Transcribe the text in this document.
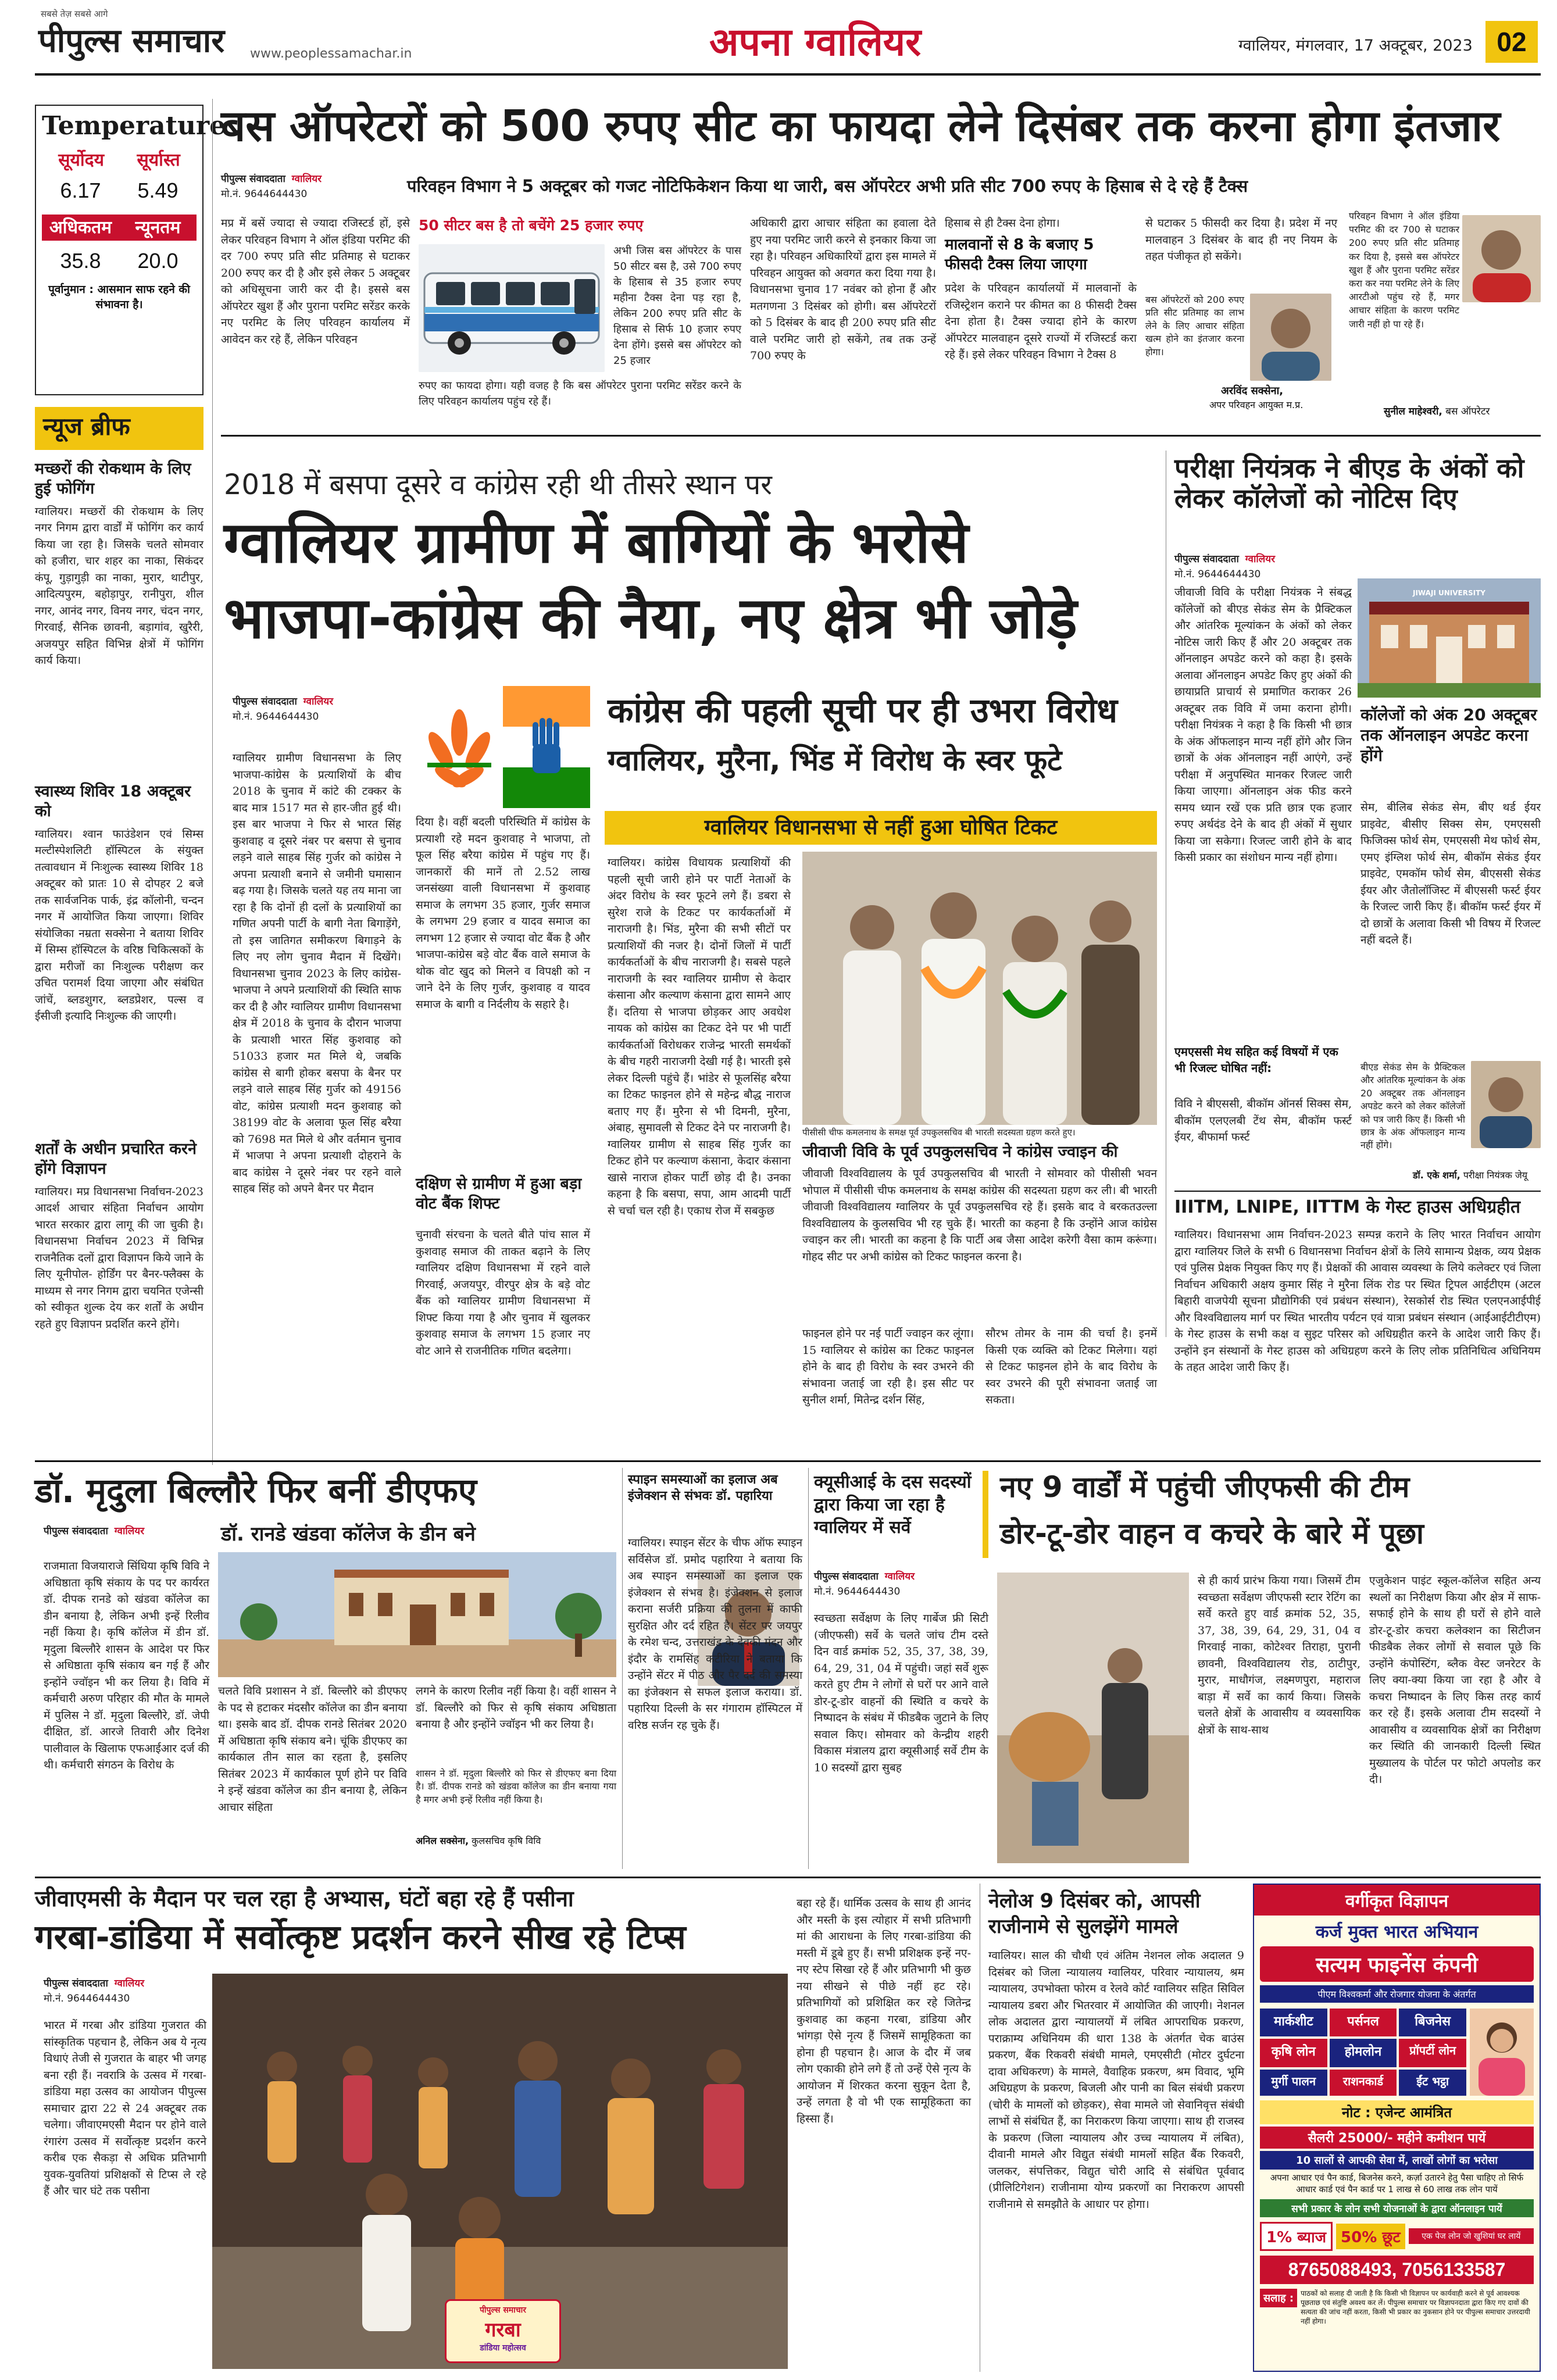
सबसे तेज़ सबसे आगे
पीपुल्स समाचार www.peoplessamachar.in	अपना ग्वालियर	ग्वालियर, मंगलवार, 17 अक्टूबर, 2023 02
Temperature
सूर्योदय सूर्यास्त
6.17 5.49
अधिकतम	न्यूनतम
35.8 20.0
पूर्वानुमान : आसमान साफ रहने की संभावना है।
न्यूज ब्रीफ
मच्छरों की रोकथाम के लिए हुई फोगिंग
ग्वालियर। मच्छरों की रोकथाम के लिए नगर निगम द्वारा वार्डों में फोगिंग कर कार्य किया जा रहा है। जिसके चलते सोमवार को हजीरा, चार शहर का नाका, सिकंदर कंपू, गुड़ागुड़ी का नाका, मुरार, थाटीपुर, आदित्यपुरम, बहोड़ापुर, रानीपुरा, शील नगर, आनंद नगर, विनय नगर, चंदन नगर, गिरवाई, सैनिक छावनी, बड़ागांव, खुरैरी, अजयपुर सहित विभिन्न क्षेत्रों में फोगिंग कार्य किया।
स्वास्थ्य शिविर 18 अक्टूबर को
ग्वालियर। श्वान फाउंडेशन एवं सिम्स मल्टीस्पेशलिटी हॉस्पिटल के संयुक्त तत्वावधान में निःशुल्क स्वास्थ्य शिविर 18 अक्टूबर को प्रातः 10 से दोपहर 2 बजे तक सार्वजनिक पार्क, इंद्र कॉलोनी, चन्दन नगर में आयोजित किया जाएगा। शिविर संयोजिका नम्रता सक्सेना ने बताया शिविर में सिम्स हॉस्पिटल के वरिष्ठ चिकित्सकों के द्वारा मरीजों का निःशुल्क परीक्षण कर उचित परामर्श दिया जाएगा और संबंधित जांचें, ब्लडशुगर, ब्लडप्रेशर, पल्स व ईसीजी इत्यादि निःशुल्क की जाएगी।
शर्तों के अधीन प्रचारित करने होंगे विज्ञापन
ग्वालियर। मप्र विधानसभा निर्वाचन-2023 आदर्श आचार संहिता निर्वाचन आयोग भारत सरकार द्वारा लागू की जा चुकी है। विधानसभा निर्वाचन 2023 में विभिन्न राजनैतिक दलों द्वारा विज्ञापन किये जाने के लिए यूनीपोल- होर्डिंग पर बैनर-फ्लैक्स के माध्यम से नगर निगम द्वारा चयनित एजेन्सी को स्वीकृत शुल्क देय कर शर्तों के अधीन रहते हुए विज्ञापन प्रदर्शित करने होंगे।
बस ऑपरेटरों को 500 रुपए सीट का फायदा लेने दिसंबर तक करना होगा इंतजार
पीपुल्स संवाददाता ग्वालियर
मो.नं. 9644644430	परिवहन विभाग ने 5 अक्टूबर को गजट नोटिफिकेशन किया था जारी, बस ऑपरेटर अभी प्रति सीट 700 रुपए के हिसाब से दे रहे हैं टैक्स
50 सीटर बस है तो बचेंगे 25 हजार रुपए
अभी जिस बस ऑपरेटर के पास 50 सीटर बस है, उसे 700 रुपए के हिसाब से 35 हजार रुपए महीना टैक्स देना पड़ रहा है, लेकिन 200 रुपए प्रति सीट के हिसाब से सिर्फ 10 हजार रुपए देना होंगे। इससे बस ऑपरेटर को 25 हजार
रुपए का फायदा होगा। यही वजह है कि बस ऑपरेटर पुराना परमिट सरेंडर करने के लिए परिवहन कार्यालय पहुंच रहे हैं।
मप्र में बसें ज्यादा से ज्यादा रजिस्टर्ड हों, इसे लेकर परिवहन विभाग ने ऑल इंडिया परमिट की दर 700 रुपए प्रति सीट प्रतिमाह से घटाकर 200 रुपए कर दी है और इसे लेकर 5 अक्टूबर को अधिसूचना जारी कर दी है। इससे बस ऑपरेटर खुश हैं और पुराना परमिट सरेंडर करके नए परमिट के लिए परिवहन कार्यालय में आवेदन कर रहे हैं, लेकिन परिवहन
अधिकारी द्वारा आचार संहिता का हवाला देते हुए नया परमिट जारी करने से इनकार किया जा रहा है। परिवहन अधिकारियों द्वारा इस मामले में परिवहन आयुक्त को अवगत करा दिया गया है। विधानसभा चुनाव 17 नवंबर को होना हैं और मतगणना 3 दिसंबर को होगी। बस ऑपरेटरों को 5 दिसंबर के बाद ही 200 रुपए प्रति सीट वाले परमिट जारी हो सकेंगे, तब तक उन्हें 700 रुपए के
हिसाब से ही टैक्स देना होगा।
मालवानों से 8 के बजाए 5 फीसदी टैक्स लिया जाएगा
प्रदेश के परिवहन कार्यालयों में मालवानों के रजिस्ट्रेशन कराने पर कीमत का 8 फीसदी टैक्स देना होता है। टैक्स ज्यादा होने के कारण ऑपरेटर मालवाहन दूसरे राज्यों में रजिस्टर्ड करा रहे हैं। इसे लेकर परिवहन विभाग ने टैक्स 8
से घटाकर 5 फीसदी कर दिया है। प्रदेश में नए मालवाहन 3 दिसंबर के बाद ही नए नियम के तहत पंजीकृत हो सकेंगे।
बस ऑपरेटरों को 200 रुपए प्रति सीट प्रतिमाह का लाभ लेने के लिए आचार संहिता खत्म होने का इंतजार करना होगा।
अरविंद सक्सेना,
अपर परिवहन आयुक्त म.प्र.
परिवहन विभाग ने ऑल इंडिया परमिट की दर 700 से घटाकर 200 रुपए प्रति सीट प्रतिमाह कर दिया है, इससे बस ऑपरेटर खुश हैं और पुराना परमिट सरेंडर करा कर नया परमिट लेने के लिए आरटीओ पहुंच रहे हैं, मगर आचार संहिता के कारण परमिट जारी नहीं हो पा रहे हैं।
सुनील माहेश्वरी, बस ऑपरेटर
2018 में बसपा दूसरे व कांग्रेस रही थी तीसरे स्थान पर
ग्वालियर ग्रामीण में बागियों के भरोसे
भाजपा-कांग्रेस की नैया, नए क्षेत्र भी जोड़े
पीपुल्स संवाददाता ग्वालियर
मो.नं. 9644644430
ग्वालियर ग्रामीण विधानसभा के लिए भाजपा-कांग्रेस के प्रत्याशियों के बीच 2018 के चुनाव में कांटे की टक्कर के बाद मात्र 1517 मत से हार-जीत हुई थी। इस बार भाजपा ने फिर से भारत सिंह कुशवाह व दूसरे नंबर पर बसपा से चुनाव लड़ने वाले साहब सिंह गुर्जर को कांग्रेस ने अपना प्रत्याशी बनाने से जमीनी घमासान बढ़ गया है। जिसके चलते यह तय माना जा रहा है कि दोनों ही दलों के प्रत्याशियों का गणित अपनी पार्टी के बागी नेता बिगाड़ेंगे, तो इस जातिगत समीकरण बिगाड़ने के लिए नए लोग चुनाव मैदान में दिखेंगे। विधानसभा चुनाव 2023 के लिए कांग्रेस-भाजपा ने अपने प्रत्याशियों की स्थिति साफ कर दी है और ग्वालियर ग्रामीण विधानसभा क्षेत्र में 2018 के चुनाव के दौरान भाजपा के प्रत्याशी भारत सिंह कुशवाह को 51033 हजार मत मिले थे, जबकि कांग्रेस से बागी होकर बसपा के बैनर पर लड़ने वाले साहब सिंह गुर्जर को 49156 वोट, कांग्रेस प्रत्याशी मदन कुशवाह को 38199 वोट के अलावा फूल सिंह बरैया को 7698 मत मिले थे और वर्तमान चुनाव में भाजपा ने अपना प्रत्याशी दोहराने के बाद कांग्रेस ने दूसरे नंबर पर रहने वाले साहब सिंह को अपने बैनर पर मैदान
दिया है। वहीं बदली परिस्थिति में कांग्रेस के प्रत्याशी रहे मदन कुशवाह ने भाजपा, तो फूल सिंह बरैया कांग्रेस में पहुंच गए हैं। जानकारों की मानें तो 2.52 लाख जनसंख्या वाली विधानसभा में कुशवाह समाज के लगभग 35 हजार, गुर्जर समाज के लगभग 29 हजार व यादव समाज का लगभग 12 हजार से ज्यादा वोट बैंक है और भाजपा-कांग्रेस बड़े वोट बैंक वाले समाज के थोक वोट खुद को मिलने व विपक्षी को न जाने देने के लिए गुर्जर, कुशवाह व यादव समाज के बागी व निर्दलीय के सहारे है।
दक्षिण से ग्रामीण में हुआ बड़ा वोट बैंक शिफ्ट
चुनावी संरचना के चलते बीते पांच साल में कुशवाह समाज की ताकत बढ़ाने के लिए ग्वालियर दक्षिण विधानसभा में रहने वाले गिरवाई, अजयपुर, वीरपुर क्षेत्र के बड़े वोट बैंक को ग्वालियर ग्रामीण विधानसभा में शिफ्ट किया गया है और चुनाव में खुलकर कुशवाह समाज के लगभग 15 हजार नए वोट आने से राजनीतिक गणित बदलेगा।
कांग्रेस की पहली सूची पर ही उभरा विरोध
ग्वालियर, मुरैना, भिंड में विरोध के स्वर फूटे
ग्वालियर विधानसभा से नहीं हुआ घोषित टिकट
ग्वालियर। कांग्रेस विधायक प्रत्याशियों की पहली सूची जारी होने पर पार्टी नेताओं के अंदर विरोध के स्वर फूटने लगे हैं। डबरा से सुरेश राजे के टिकट पर कार्यकर्ताओं में नाराजगी है। भिंड, मुरैना की सभी सीटों पर प्रत्याशियों की नजर है। दोनों जिलों में पार्टी कार्यकर्ताओं के बीच नाराजगी है। सबसे पहले नाराजगी के स्वर ग्वालियर ग्रामीण से केदार कंसाना और कल्याण कंसाना द्वारा सामने आए हैं। दतिया से भाजपा छोड़कर आए अवधेश नायक को कांग्रेस का टिकट देने पर भी पार्टी कार्यकर्ताओं विरोधकर राजेन्द्र भारती समर्थकों के बीच गहरी नाराजगी देखी गई है। भारती इसे लेकर दिल्ली पहुंचे हैं। भांडेर से फूलसिंह बरैया का टिकट फाइनल होने से महेन्द्र बौद्ध नाराज बताए गए हैं। मुरैना से भी दिमनी, मुरैना, अंबाह, सुमावली से टिकट देने पर नाराजगी है। ग्वालियर ग्रामीण से साहब सिंह गुर्जर का टिकट होने पर कल्याण कंसाना, केदार कंसाना खासे नाराज होकर पार्टी छोड़ दी है। उनका कहना है कि बसपा, सपा, आम आदमी पार्टी से चर्चा चल रही है। एकाध रोज में सबकुछ
पीसीसी चीफ कमलनाथ के समक्ष पूर्व उपकुलसचिव बी भारती सदस्यता ग्रहण करते हुए।
जीवाजी विवि के पूर्व उपकुलसचिव ने कांग्रेस ज्वाइन की
जीवाजी विश्वविद्यालय के पूर्व उपकुलसचिव बी भारती ने सोमवार को पीसीसी भवन भोपाल में पीसीसी चीफ कमलनाथ के समक्ष कांग्रेस की सदस्यता ग्रहण कर ली। बी भारती जीवाजी विश्वविद्यालय ग्वालियर के पूर्व उपकुलसचिव रहे हैं। इसके बाद वे बरकतउल्ला विश्वविद्यालय के कुलसचिव भी रह चुके हैं। भारती का कहना है कि उन्होंने आज कांग्रेस ज्वाइन कर ली। भारती का कहना है कि पार्टी अब जैसा आदेश करेगी वैसा काम करूंगा। गोहद सीट पर अभी कांग्रेस को टिकट फाइनल करना है।
फाइनल होने पर नई पार्टी ज्वाइन कर लूंगा। 15 ग्वालियर से कांग्रेस का टिकट फाइनल होने के बाद ही विरोध के स्वर उभरने की संभावना जताई जा रही है। इस सीट पर सुनील शर्मा, मितेन्द्र दर्शन सिंह,
सौरभ तोमर के नाम की चर्चा है। इनमें किसी एक व्यक्ति को टिकट मिलेगा। यहां से टिकट फाइनल होने के बाद विरोध के स्वर उभरने की पूरी संभावना जताई जा सकता।
परीक्षा नियंत्रक ने बीएड के अंकों को लेकर कॉलेजों को नोटिस दिए
पीपुल्स संवाददाता ग्वालियर
मो.नं. 9644644430
JIWAJI UNIVERSITY
जीवाजी विवि के परीक्षा नियंत्रक ने संबद्ध कॉलेजों को बीएड सेकंड सेम के प्रैक्टिकल और आंतरिक मूल्यांकन के अंकों को लेकर नोटिस जारी किए हैं और 20 अक्टूबर तक ऑनलाइन अपडेट करने को कहा है। इसके अलावा ऑनलाइन अपडेट किए हुए अंकों की छायाप्रति प्राचार्य से प्रमाणित कराकर 26 अक्टूबर तक विवि में जमा कराना होगी। परीक्षा नियंत्रक ने कहा है कि किसी भी छात्र के अंक ऑफलाइन मान्य नहीं होंगे और जिन छात्रों के अंक ऑनलाइन नहीं आएंगे, उन्हें परीक्षा में अनुपस्थित मानकर रिजल्ट जारी किया जाएगा। ऑनलाइन अंक फीड करने समय ध्यान रखें एक प्रति छात्र एक हजार रुपए अर्थदंड देने के बाद ही अंकों में सुधार किया जा सकेगा। रिजल्ट जारी होने के बाद किसी प्रकार का संशोधन मान्य नहीं होगा।
एमएससी मेथ सहित कई विषयों में एक भी रिजल्ट घोषित नहीं:
विवि ने बीएससी, बीकॉम ऑनर्स सिक्स सेम, बीकॉम एलएलबी टेंथ सेम, बीकॉम फर्स्ट ईयर, बीफार्मा फर्स्ट
कॉलेजों को अंक 20 अक्टूबर तक ऑनलाइन अपडेट करना होंगे
सेम, बीलिब सेकंड सेम, बीए थर्ड ईयर प्राइवेट, बीसीए सिक्स सेम, एमएससी फिजिक्स फोर्थ सेम, एमएससी मेथ फोर्थ सेम, एमए इंग्लिश फोर्थ सेम, बीकॉम सेकंड ईयर प्राइवेट, एमकॉम फोर्थ सेम, बीएससी सेकंड ईयर और जैतोलॉजिस्ट में बीएससी फर्स्ट ईयर के रिजल्ट जारी किए हैं। बीकॉम फर्स्ट ईयर में दो छात्रों के अलावा किसी भी विषय में रिजल्ट नहीं बदले हैं।
बीएड सेकंड सेम के प्रैक्टिकल और आंतरिक मूल्यांकन के अंक 20 अक्टूबर तक ऑनलाइन अपडेट करने को लेकर कॉलेजों को पत्र जारी किए हैं। किसी भी छात्र के अंक ऑफलाइन मान्य नहीं होंगे।
डॉ. एके शर्मा, परीक्षा नियंत्रक जेयू
IIITM, LNIPE, IITTM के गेस्ट हाउस अधिग्रहीत
ग्वालियर। विधानसभा आम निर्वाचन-2023 सम्पन्न कराने के लिए भारत निर्वाचन आयोग द्वारा ग्वालियर जिले के सभी 6 विधानसभा निर्वाचन क्षेत्रों के लिये सामान्य प्रेक्षक, व्यय प्रेक्षक एवं पुलिस प्रेक्षक नियुक्त किए गए हैं। प्रेक्षकों की आवास व्यवस्था के लिये कलेक्टर एवं जिला निर्वाचन अधिकारी अक्षय कुमार सिंह ने मुरैना लिंक रोड पर स्थित ट्रिपल आईटीएम (अटल बिहारी वाजपेयी सूचना प्रौद्योगिकी एवं प्रबंधन संस्थान), रेसकोर्स रोड स्थित एलएनआईपीई और विश्वविद्यालय मार्ग पर स्थित भारतीय पर्यटन एवं यात्रा प्रबंधन संस्थान (आईआईटीटीएम) के गेस्ट हाउस के सभी कक्ष व सुइट परिसर को अधिग्रहीत करने के आदेश जारी किए हैं। उन्होंने इन संस्थानों के गेस्ट हाउस को अधिग्रहण करने के लिए लोक प्रतिनिधित्व अधिनियम के तहत आदेश जारी किए हैं।
डॉ. मृदुला बिल्लौरे फिर बनीं डीएफए
पीपुल्स संवाददाता ग्वालियर	डॉ. रानडे खंडवा कॉलेज के डीन बने
राजमाता विजयाराजे सिंधिया कृषि विवि ने अधिष्ठाता कृषि संकाय के पद पर कार्यरत डॉ. दीपक रानडे को खंडवा कॉलेज का डीन बनाया है, लेकिन अभी इन्हें रिलीव नहीं किया है। कृषि कॉलेज में डीन डॉ. मृदुला बिल्लौरे शासन के आदेश पर फिर से अधिष्ठाता कृषि संकाय बन गई हैं और इन्होंने ज्वॉइन भी कर लिया है। विवि में कर्मचारी अरुण परिहार की मौत के मामले में पुलिस ने डॉ. मृदुला बिल्लौरे, डॉ. जेपी दीक्षित, डॉ. आरजे तिवारी और दिनेश पालीवाल के खिलाफ एफआईआर दर्ज की थी। कर्मचारी संगठन के विरोध के
चलते विवि प्रशासन ने डॉ. बिल्लौरे को डीएफए के पद से हटाकर मंदसौर कॉलेज का डीन बनाया था। इसके बाद डॉ. दीपक रानडे सितंबर 2020 में अधिष्ठाता कृषि संकाय बने। चूंकि डीएफए का कार्यकाल तीन साल का रहता है, इसलिए सितंबर 2023 में कार्यकाल पूर्ण होने पर विवि ने इन्हें खंडवा कॉलेज का डीन बनाया है, लेकिन आचार संहिता
लगने के कारण रिलीव नहीं किया है। वहीं शासन ने डॉ. बिल्लौरे को फिर से कृषि संकाय अधिष्ठाता बनाया है और इन्होंने ज्वॉइन भी कर लिया है।
शासन ने डॉ. मृदुला बिल्लौरे को फिर से डीएफए बना दिया है। डॉ. दीपक रानडे को खंडवा कॉलेज का डीन बनाया गया है मगर अभी इन्हें रिलीव नहीं किया है।
अनिल सक्सेना, कुलसचिव कृषि विवि
स्पाइन समस्याओं का इलाज अब इंजेक्शन से संभवः डॉ. पहारिया
ग्वालियर। स्पाइन सेंटर के चीफ ऑफ स्पाइन सर्विसेज डॉ. प्रमोद पहारिया ने बताया कि अब स्पाइन समस्याओं का इलाज एक इंजेक्शन से संभव है। इंजेक्शन से इलाज कराना सर्जरी प्रक्रिया की तुलना में काफी सुरक्षित और दर्द रहित है। सेंटर पर जयपुर के रमेश चन्द, उत्तराखंड के देवकी मंदन और इंदौर के रामसिंह कटीरिया ने बताया कि उन्होंने सेंटर में पीठ और पैर दर्द की समस्या का इंजेक्शन से सफल इलाज कराया। डॉ. पहारिया दिल्ली के सर गंगाराम हॉस्पिटल में वरिष्ठ सर्जन रह चुके हैं।
क्यूसीआई के दस सदस्यों द्वारा किया जा रहा है ग्वालियर में सर्वे
पीपुल्स संवाददाता ग्वालियर
मो.नं. 9644644430
स्वच्छता सर्वेक्षण के लिए गार्बेज फ्री सिटी (जीएफसी) सर्वे के चलते जांच टीम दस्ते दिन वार्ड क्रमांक 52, 35, 37, 38, 39, 64, 29, 31, 04 में पहुंची। जहां सर्वे शुरू करते हुए टीम ने लोगों से घरों पर आने वाले डोर-टू-डोर वाहनों की स्थिति व कचरे के निष्पादन के संबंध में फीडबैक जुटाने के लिए सवाल किए। सोमवार को केन्द्रीय शहरी विकास मंत्रालय द्वारा क्यूसीआई सर्वे टीम के 10 सदस्यों द्वारा सुबह
नए 9 वार्डों में पहुंची जीएफसी की टीम
डोर-टू-डोर वाहन व कचरे के बारे में पूछा
से ही कार्य प्रारंभ किया गया। जिसमें टीम स्वच्छता सर्वेक्षण जीएफसी स्टार रेटिंग का सर्वे करते हुए वार्ड क्रमांक 52, 35, 37, 38, 39, 64, 29, 31, 04 व गिरवाई नाका, कोटेश्वर तिराहा, पुरानी छावनी, विश्वविद्यालय रोड, ठाटीपुर, मुरार, माधौगंज, लक्ष्मणपुरा, महाराज बाड़ा में सर्वे का कार्य किया। जिसके चलते क्षेत्रों के आवासीय व व्यवसायिक क्षेत्रों के साथ-साथ
एजुकेशन पाइंट स्कूल-कॉलेज सहित अन्य स्थलों का निरीक्षण किया और क्षेत्र में साफ-सफाई होने के साथ ही घरों से होने वाले डोर-टू-डोर कचरा कलेक्शन का सिटीजन फीडबैक लेकर लोगों से सवाल पूछे कि उन्होंने कंपोस्टिंग, ब्लैक वेस्ट जनरेटर के लिए क्या-क्या किया जा रहा है और वे कचरा निष्पादन के लिए किस तरह कार्य कर रहे हैं। इसके अलावा टीम सदस्यों ने आवासीय व व्यवसायिक क्षेत्रों का निरीक्षण कर स्थिति की जानकारी दिल्ली स्थित मुख्यालय के पोर्टल पर फोटो अपलोड कर दी।
जीवाएमसी के मैदान पर चल रहा है अभ्यास, घंटों बहा रहे हैं पसीना
गरबा-डांडिया में सर्वोत्कृष्ट प्रदर्शन करने सीख रहे टिप्स
पीपुल्स संवाददाता ग्वालियर
मो.नं. 9644644430
भारत में गरबा और डांडिया गुजरात की सांस्कृतिक पहचान है, लेकिन अब ये नृत्य विधाएं तेजी से गुजरात के बाहर भी जगह बना रही हैं। नवरात्रि के उत्सव में गरबा-डांडिया महा उत्सव का आयोजन पीपुल्स समाचार द्वारा 22 से 24 अक्टूबर तक चलेगा। जीवाएमएसी मैदान पर होने वाले रंगारंग उत्सव में सर्वोत्कृष्ट प्रदर्शन करने करीब एक सैकड़ा से अधिक प्रतिभागी युवक-युवतियां प्रशिक्षकों से टिप्स ले रहे हैं और चार घंटे तक पसीना
पीपुल्स समाचार
गरबा
डांडिया महोत्सव
बहा रहे हैं। धार्मिक उत्सव के साथ ही आनंद और मस्ती के इस त्योहार में सभी प्रतिभागी मां की आराधना के लिए गरबा-डांडिया की मस्ती में डूबे हुए हैं। सभी प्रशिक्षक इन्हें नए-नए स्टेप सिखा रहे हैं और प्रतिभागी भी कुछ नया सीखने से पीछे नहीं हट रहे। प्रतिभागियों को प्रशिक्षित कर रहे जितेन्द्र कुशवाह का कहना गरबा, डांडिया और भांगड़ा ऐसे नृत्य हैं जिसमें सामूहिकता का होना ही पहचान है। आज के दौर में जब लोग एकाकी होने लगे हैं तो उन्हें ऐसे नृत्य के आयोजन में शिरकत करना सुकून देता है, उन्हें लगता है वो भी एक सामूहिकता का हिस्सा हैं।
नेलोअ 9 दिसंबर को, आपसी राजीनामे से सुलझेंगे मामले
ग्वालियर। साल की चौथी एवं अंतिम नेशनल लोक अदालत 9 दिसंबर को जिला न्यायालय ग्वालियर, परिवार न्यायालय, श्रम न्यायालय, उपभोक्ता फोरम व रेलवे कोर्ट ग्वालियर सहित सिविल न्यायालय डबरा और भितरवार में आयोजित की जाएगी। नेशनल लोक अदालत द्वारा न्यायालयों में लंबित आपराधिक प्रकरण, पराक्राम्य अधिनियम की धारा 138 के अंतर्गत चेक बाउंस प्रकरण, बैंक रिकवरी संबंधी मामले, एमएसीटी (मोटर दुर्घटना दावा अधिकरण) के मामले, वैवाहिक प्रकरण, श्रम विवाद, भूमि अधिग्रहण के प्रकरण, बिजली और पानी का बिल संबंधी प्रकरण (चोरी के मामलों को छोड़कर), सेवा मामले जो सेवानिवृत्त संबंधी लाभों से संबंधित हैं, का निराकरण किया जाएगा। साथ ही राजस्व के प्रकरण (जिला न्यायालय और उच्च न्यायालय में लंबित), दीवानी मामले और विद्युत संबंधी मामलों सहित बैंक रिकवरी, जलकर, संपत्तिकर, विद्युत चोरी आदि से संबंधित पूर्ववाद (प्रीलिटिगेशन) राजीनामा योग्य प्रकरणों का निराकरण आपसी राजीनामे से समझौते के आधार पर होगा।
वर्गीकृत विज्ञापन
कर्ज मुक्त भारत अभियान
सत्यम फाइनेंस कंपनी
पीएम विश्वकर्मा और रोजगार योजना के अंतर्गत
मार्कशीट	पर्सनल	बिजनेस
कृषि लोन	होमलोन	प्रॉपर्टी लोन
मुर्गी पालन	राशनकार्ड	ईंट भट्ठा
नोट : एजेन्ट आमंत्रित
सैलरी 25000/- महीने कमीशन पायें
10 सालों से आपकी सेवा में, लाखों लोगों का भरोसा
अपना आधार एवं पैन कार्ड, बिजनेस करने, कर्ज़ा उतारने हेतु पैसा चाहिए तो सिर्फ आधार कार्ड एवं पैन कार्ड पर 1 लाख से 60 लाख तक लोन पायें
सभी प्रकार के लोन सभी योजनाओं के द्वारा ऑनलाइन पायें
1% ब्याज 50% छूट	एक पेज लोन जो खुशियां घर लायें
8765088493, 7056133587
सलाह :	पाठकों को सलाह दी जाती है कि किसी भी विज्ञापन पर कार्यवाही करने से पूर्व आवश्यक पूछताछ एवं संतुष्टि अवश्य कर लें। पीपुल्स समाचार पर विज्ञापनदाता द्वारा किए गए दावों की सत्यता की जांच नहीं करता, किसी भी प्रकार का नुकसान होने पर पीपुल्स समाचार उत्तरदायी नहीं होगा।
